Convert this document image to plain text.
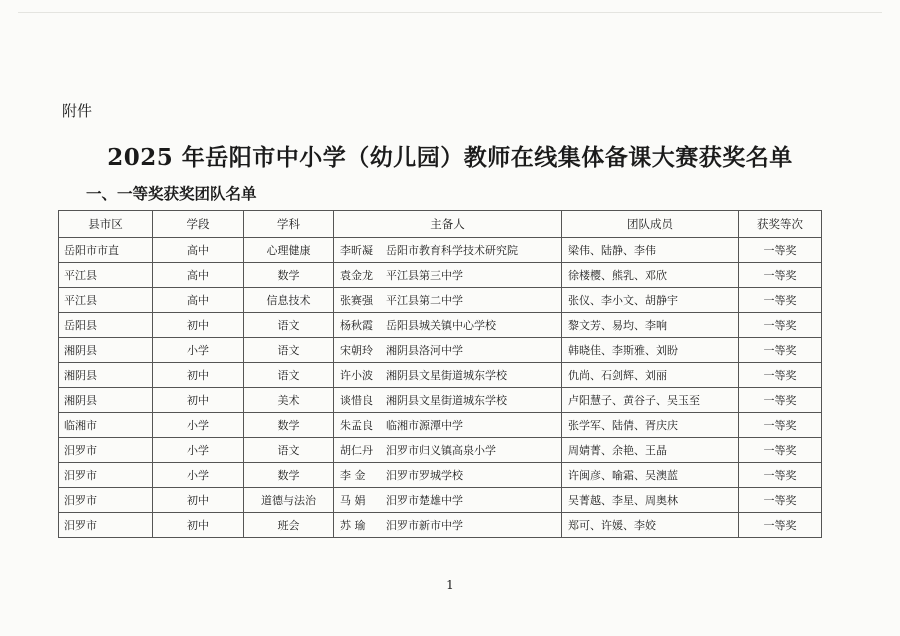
附件
2025 年岳阳市中小学（幼儿园）教师在线集体备课大赛获奖名单
一、一等奖获奖团队名单
县市区	学段	学科	主备人	团队成员	获奖等次
岳阳市市直	高中	心理健康	李昕凝 岳阳市教育科学技术研究院	梁伟、陆静、李伟	一等奖
平江县	高中	数学	袁金龙 平江县第三中学	徐楼樱、熊乳、邓欣	一等奖
平江县	高中	信息技术	张赛强 平江县第二中学	张仪、李小文、胡静宇	一等奖
岳阳县	初中	语文	杨秋霞 岳阳县城关镇中心学校	黎文芳、易均、李响	一等奖
湘阴县	小学	语文	宋朝玲 湘阴县洛河中学	韩晓佳、李斯雅、刘盼	一等奖
湘阴县	初中	语文	许小波 湘阴县文星街道城东学校	仇尚、石剑辉、刘丽	一等奖
湘阴县	初中	美术	谈惜良 湘阴县文星街道城东学校	卢阳慧子、黄谷子、吴玉至	一等奖
临湘市	小学	数学	朱孟良 临湘市源潭中学	张学军、陆倩、胥庆庆	一等奖
汨罗市	小学	语文	胡仁丹 汨罗市归义镇高泉小学	周婧菁、余艳、王晶	一等奖
汨罗市	小学	数学	李 金 汨罗市罗城学校	许闽彦、喻霜、吴澳蓝	一等奖
汨罗市	初中	道德与法治	马 娟 汨罗市楚雄中学	吴菁越、李星、周奥林	一等奖
汨罗市	初中	班会	苏 瑜 汨罗市新市中学	郑可、许媛、李姣	一等奖
1
